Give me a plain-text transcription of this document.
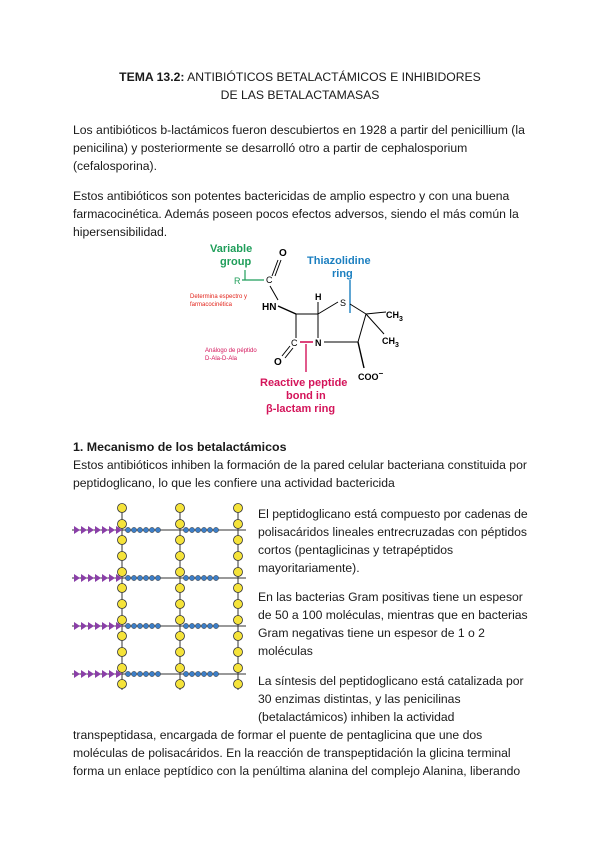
TEMA 13.2: ANTIBIÓTICOS BETALACTÁMICOS E INHIBIDORES
DE LAS BETALACTAMASAS
Los antibióticos b-lactámicos fueron descubiertos en 1928 a partir del penicillium (la
penicilina) y posteriormente se desarrolló otro a partir de cephalosporium
(cefalosporina).
Estos antibióticos son potentes bactericidas de amplio espectro y con una buena
farmacocinética. Además poseen pocos efectos adversos, siendo el más común la
hipersensibilidad.
Variable
group	Thiazolidine
ring
R	C
O
HN
C N
O
H
S
$CH_3$
$CH_3$
COO−
Determina espectro y
farmacocinética
Análogo de péptido
D-Ala-D-Ala
Reactive peptide
bond in
β-lactam ring
1. Mecanismo de los betalactámicos
Estos antibióticos inhiben la formación de la pared celular bacteriana constituida por
peptidoglicano, lo que les confiere una actividad bactericida
El peptidoglicano está compuesto por cadenas de
polisacáridos lineales entrecruzadas con péptidos
cortos (pentaglicinas y tetrapéptidos
mayoritariamente).
En las bacterias Gram positivas tiene un espesor
de 50 a 100 moléculas, mientras que en bacterias
Gram negativas tiene un espesor de 1 o 2
moléculas
La síntesis del peptidoglicano está catalizada por
30 enzimas distintas, y las penicilinas
(betalactámicos) inhiben la actividad
transpeptidasa, encargada de formar el puente de pentaglicina que une dos
moléculas de polisacáridos. En la reacción de transpeptidación la glicina terminal
forma un enlace peptídico con la penúltima alanina del complejo Alanina, liberando
